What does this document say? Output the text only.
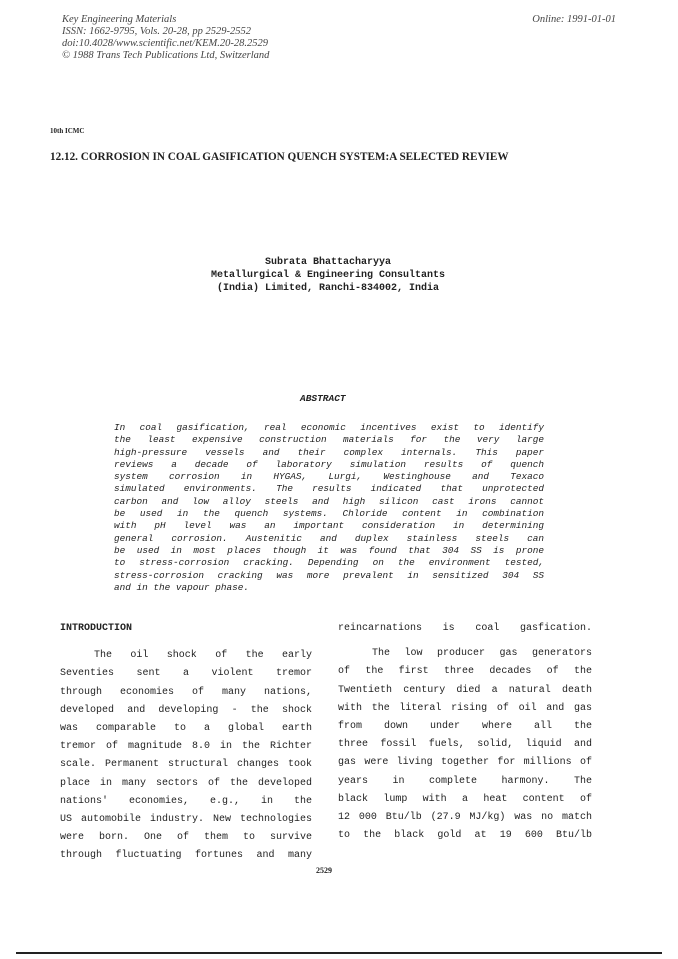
Key Engineering Materials
ISSN: 1662-9795, Vols. 20-28, pp 2529-2552
doi:10.4028/www.scientific.net/KEM.20-28.2529
© 1988 Trans Tech Publications Ltd, Switzerland
Online: 1991-01-01
10th ICMC
12.12. CORROSION IN COAL GASIFICATION QUENCH SYSTEM:A SELECTED REVIEW
Subrata Bhattacharyya
Metallurgical & Engineering Consultants
(India) Limited, Ranchi-834002, India
ABSTRACT
In coal gasification, real economic incentives exist to identify
the least expensive construction materials for the very large
high-pressure vessels and their complex internals. This paper
reviews a decade of laboratory simulation results of quench
system corrosion in HYGAS, Lurgi, Westinghouse and Texaco
simulated environments. The results indicated that unprotected
carbon and low alloy steels and high silicon cast irons cannot
be used in the quench systems. Chloride content in combination
with pH level was an important consideration in determining
general corrosion. Austenitic and duplex stainless steels can
be used in most places though it was found that 304 SS is prone
to stress-corrosion cracking. Depending on the environment tested,
stress-corrosion cracking was more prevalent in sensitized 304 SS
and in the vapour phase.
INTRODUCTION
The oil shock of the early
Seventies sent a violent tremor
through economies of many nations,
developed and developing - the shock
was comparable to a global earth
tremor of magnitude 8.0 in the Richter
scale. Permanent structural changes took
place in many sectors of the developed
nations' economies, e.g., in the
US automobile industry. New technologies
were born. One of them to survive
through fluctuating fortunes and many
reincarnations is coal gasfication.
The low producer gas generators
of the first three decades of the
Twentieth century died a natural death
with the literal rising of oil and gas
from down under where all the
three fossil fuels, solid, liquid and
gas were living together for millions of
years in complete harmony. The
black lump with a heat content of
12 000 Btu/lb (27.9 MJ/kg) was no match
to the black gold at 19 600 Btu/lb
2529
